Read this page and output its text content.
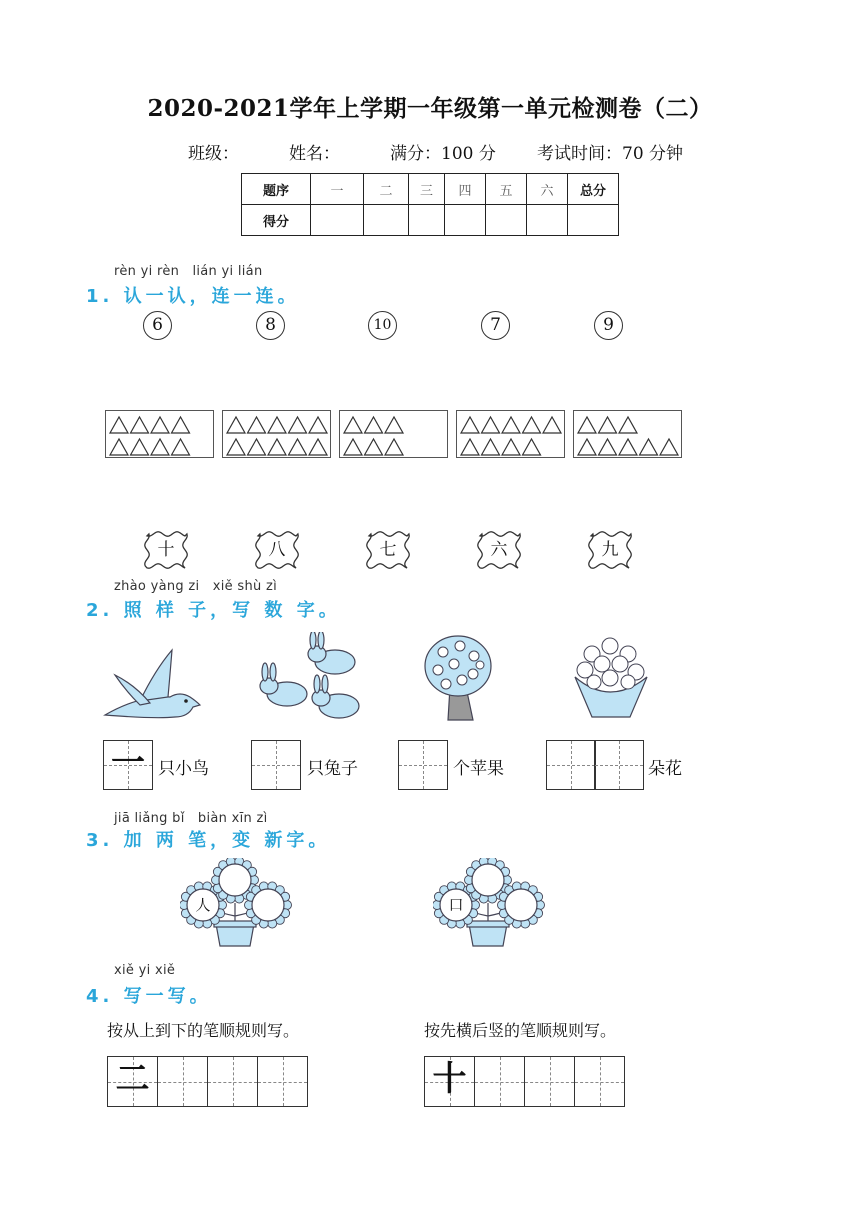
2020-2021学年上学期一年级第一单元检测卷（二）
班级：	姓名：	满分：100 分 考试时间：70 分钟
题序	一	二	三	四	五	六	总分
得分							
rèn yi rèn   lián yi lián
1. 认一认，连一连。
6	8	10	7	9
十	八	七	六	九
zhào yàng zi   xiě shù zì
2. 照 样 子，写 数 字。
一 只小鸟	只兔子	个苹果	朵花
jiā liǎng bǐ   biàn xīn zì
3. 加 两 笔，变 新字。
人	口
xiě yi xiě
4. 写一写。
按从上到下的笔顺规则写。	按先横后竖的笔顺规则写。
二	十
